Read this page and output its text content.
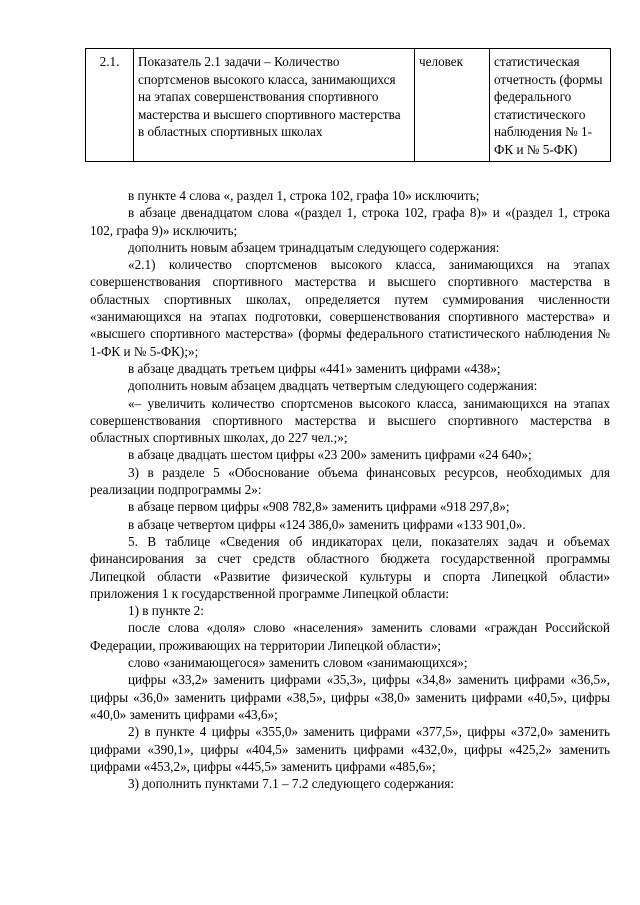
2.1.	Показатель 2.1 задачи – Количество спортсменов высокого класса, занимающихся на этапах совершенствования спортивного мастерства и высшего спортивного мастерства в областных спортивных школах	человек	статистическая отчетность (формы федерального статистического наблюдения № 1-ФК и № 5-ФК)

в пункте 4 слова «, раздел 1, строка 102, графа 10» исключить;

в абзаце двенадцатом слова «(раздел 1, строка 102, графа 8)» и «(раздел 1, строка 102, графа 9)» исключить;

дополнить новым абзацем тринадцатым следующего содержания:

«2.1) количество спортсменов высокого класса, занимающихся на этапах совершенствования спортивного мастерства и высшего спортивного мастерства в областных спортивных школах, определяется путем суммирования численности «занимающихся на этапах подготовки, совершенствования спортивного мастерства» и «высшего спортивного мастерства» (формы федерального статистического наблюдения № 1-ФК и № 5-ФК);»;

в абзаце двадцать третьем цифры «441» заменить цифрами «438»;

дополнить новым абзацем двадцать четвертым следующего содержания:

«– увеличить количество спортсменов высокого класса, занимающихся на этапах совершенствования спортивного мастерства и высшего спортивного мастерства в областных спортивных школах, до 227 чел.;»;

в абзаце двадцать шестом цифры «23 200» заменить цифрами «24 640»;

3) в разделе 5 «Обоснование объема финансовых ресурсов, необходимых для реализации подпрограммы 2»:

в абзаце первом цифры «908 782,8» заменить цифрами «918 297,8»;

в абзаце четвертом цифры «124 386,0» заменить цифрами «133 901,0».

5. В таблице «Сведения об индикаторах цели, показателях задач и объемах финансирования за счет средств областного бюджета государственной программы Липецкой области «Развитие физической культуры и спорта Липецкой области» приложения 1 к государственной программе Липецкой области:

1) в пункте 2:

после слова «доля» слово «населения» заменить словами «граждан Российской Федерации, проживающих на территории Липецкой области»;

слово «занимающегося» заменить словом «занимающихся»;

цифры «33,2» заменить цифрами «35,3», цифры «34,8» заменить цифрами «36,5», цифры «36,0» заменить цифрами «38,5», цифры «38,0» заменить цифрами «40,5», цифры «40,0» заменить цифрами «43,6»;

2) в пункте 4 цифры «355,0» заменить цифрами «377,5», цифры «372,0» заменить цифрами «390,1», цифры «404,5» заменить цифрами «432,0», цифры «425,2» заменить цифрами «453,2», цифры «445,5» заменить цифрами «485,6»;

3) дополнить пунктами 7.1 – 7.2 следующего содержания:
